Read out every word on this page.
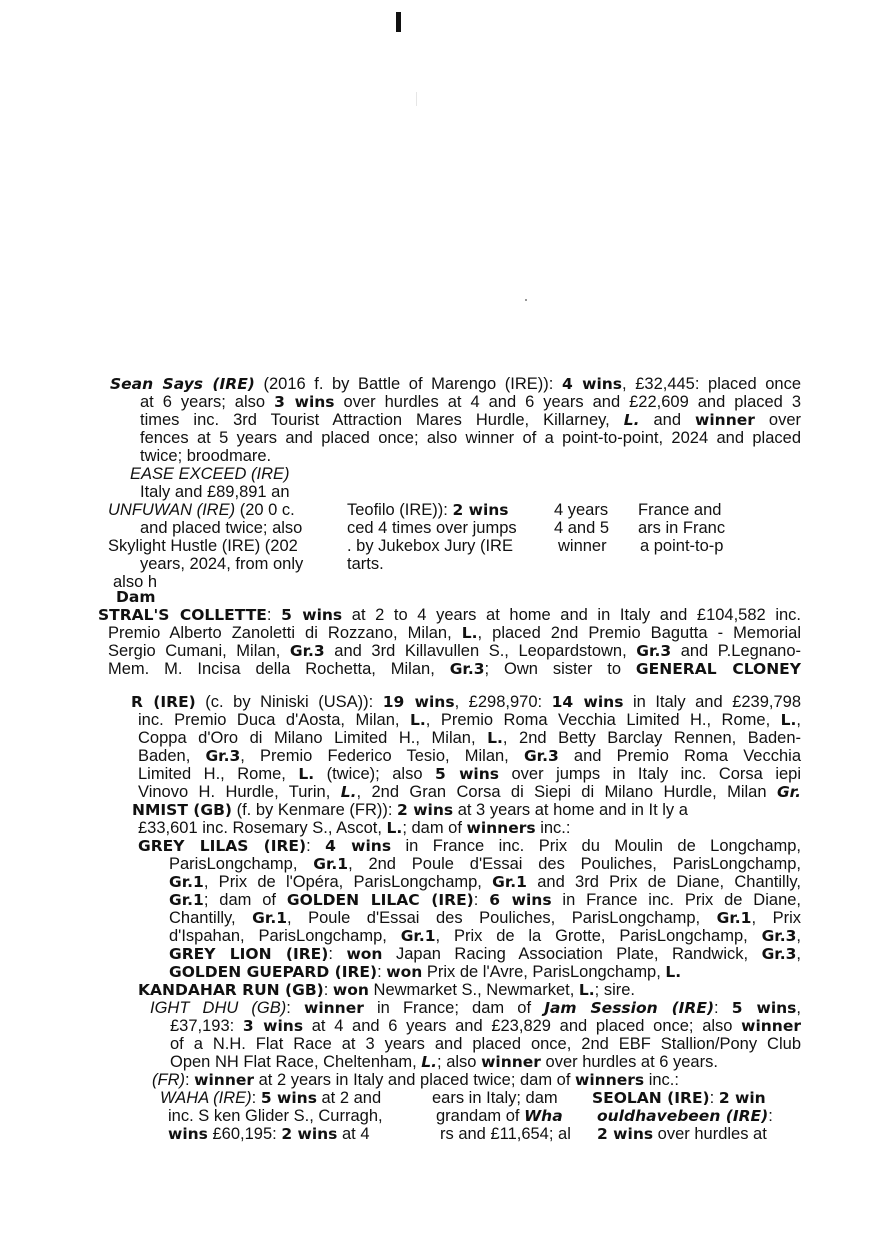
Sean Says (IRE) (2016 f. by Battle of Marengo (IRE)): 4 wins, £32,445: placed once
at 6 years; also 3 wins over hurdles at 4 and 6 years and £22,609 and placed 3
times inc. 3rd Tourist Attraction Mares Hurdle, Killarney, L. and winner over
fences at 5 years and placed once; also winner of a point-to-point, 2024 and placed
twice; broodmare.
EASE EXCEED (IRE)
Italy and £89,891 an
UNFUWAN (IRE) (20 0 c.
and placed twice; also
Skylight Hustle (IRE) (202
years, 2024, from only
also h
Teofilo (IRE)): 2 wins
ced 4 times over jumps
. by Jukebox Jury (IRE
tarts.
4 years
4 and 5
winner
France and
ars in Franc
a point-to-p
Dam
STRAL'S COLLETTE: 5 wins at 2 to 4 years at home and in Italy and £104,582 inc.
Premio Alberto Zanoletti di Rozzano, Milan, L., placed 2nd Premio Bagutta - Memorial
Sergio Cumani, Milan, Gr.3 and 3rd Killavullen S., Leopardstown, Gr.3 and P.Legnano-
Mem. M. Incisa della Rochetta, Milan, Gr.3; Own sister to GENERAL CLONEY
R (IRE) (c. by Niniski (USA)): 19 wins, £298,970: 14 wins in Italy and £239,798
inc. Premio Duca d'Aosta, Milan, L., Premio Roma Vecchia Limited H., Rome, L.,
Coppa d'Oro di Milano Limited H., Milan, L., 2nd Betty Barclay Rennen, Baden-
Baden, Gr.3, Premio Federico Tesio, Milan, Gr.3 and Premio Roma Vecchia
Limited H., Rome, L. (twice); also 5 wins over jumps in Italy inc. Corsa iepi
Vinovo H. Hurdle, Turin, L., 2nd Gran Corsa di Siepi di Milano Hurdle, Milan Gr.
NMIST (GB) (f. by Kenmare (FR)): 2 wins at 3 years at home and in It ly a
£33,601 inc. Rosemary S., Ascot, L.; dam of winners inc.:
GREY LILAS (IRE): 4 wins in France inc. Prix du Moulin de Longchamp,
ParisLongchamp, Gr.1, 2nd Poule d'Essai des Pouliches, ParisLongchamp,
Gr.1, Prix de l'Opéra, ParisLongchamp, Gr.1 and 3rd Prix de Diane, Chantilly,
Gr.1; dam of GOLDEN LILAC (IRE): 6 wins in France inc. Prix de Diane,
Chantilly, Gr.1, Poule d'Essai des Pouliches, ParisLongchamp, Gr.1, Prix
d'Ispahan, ParisLongchamp, Gr.1, Prix de la Grotte, ParisLongchamp, Gr.3,
GREY LION (IRE): won Japan Racing Association Plate, Randwick, Gr.3,
GOLDEN GUEPARD (IRE): won Prix de l'Avre, ParisLongchamp, L.
KANDAHAR RUN (GB): won Newmarket S., Newmarket, L.; sire.
IGHT DHU (GB): winner in France; dam of Jam Session (IRE): 5 wins,
£37,193: 3 wins at 4 and 6 years and £23,829 and placed once; also winner
of a N.H. Flat Race at 3 years and placed once, 2nd EBF Stallion/Pony Club
Open NH Flat Race, Cheltenham, L.; also winner over hurdles at 6 years.
(FR): winner at 2 years in Italy and placed twice; dam of winners inc.:
WAHA (IRE): 5 wins at 2 and
inc. S ken Glider S., Curragh,
wins £60,195: 2 wins at 4
ears in Italy; dam
grandam of Wha
rs and £11,654; al
SEOLAN (IRE): 2 win
ouldhavebeen (IRE):
2 wins over hurdles at
